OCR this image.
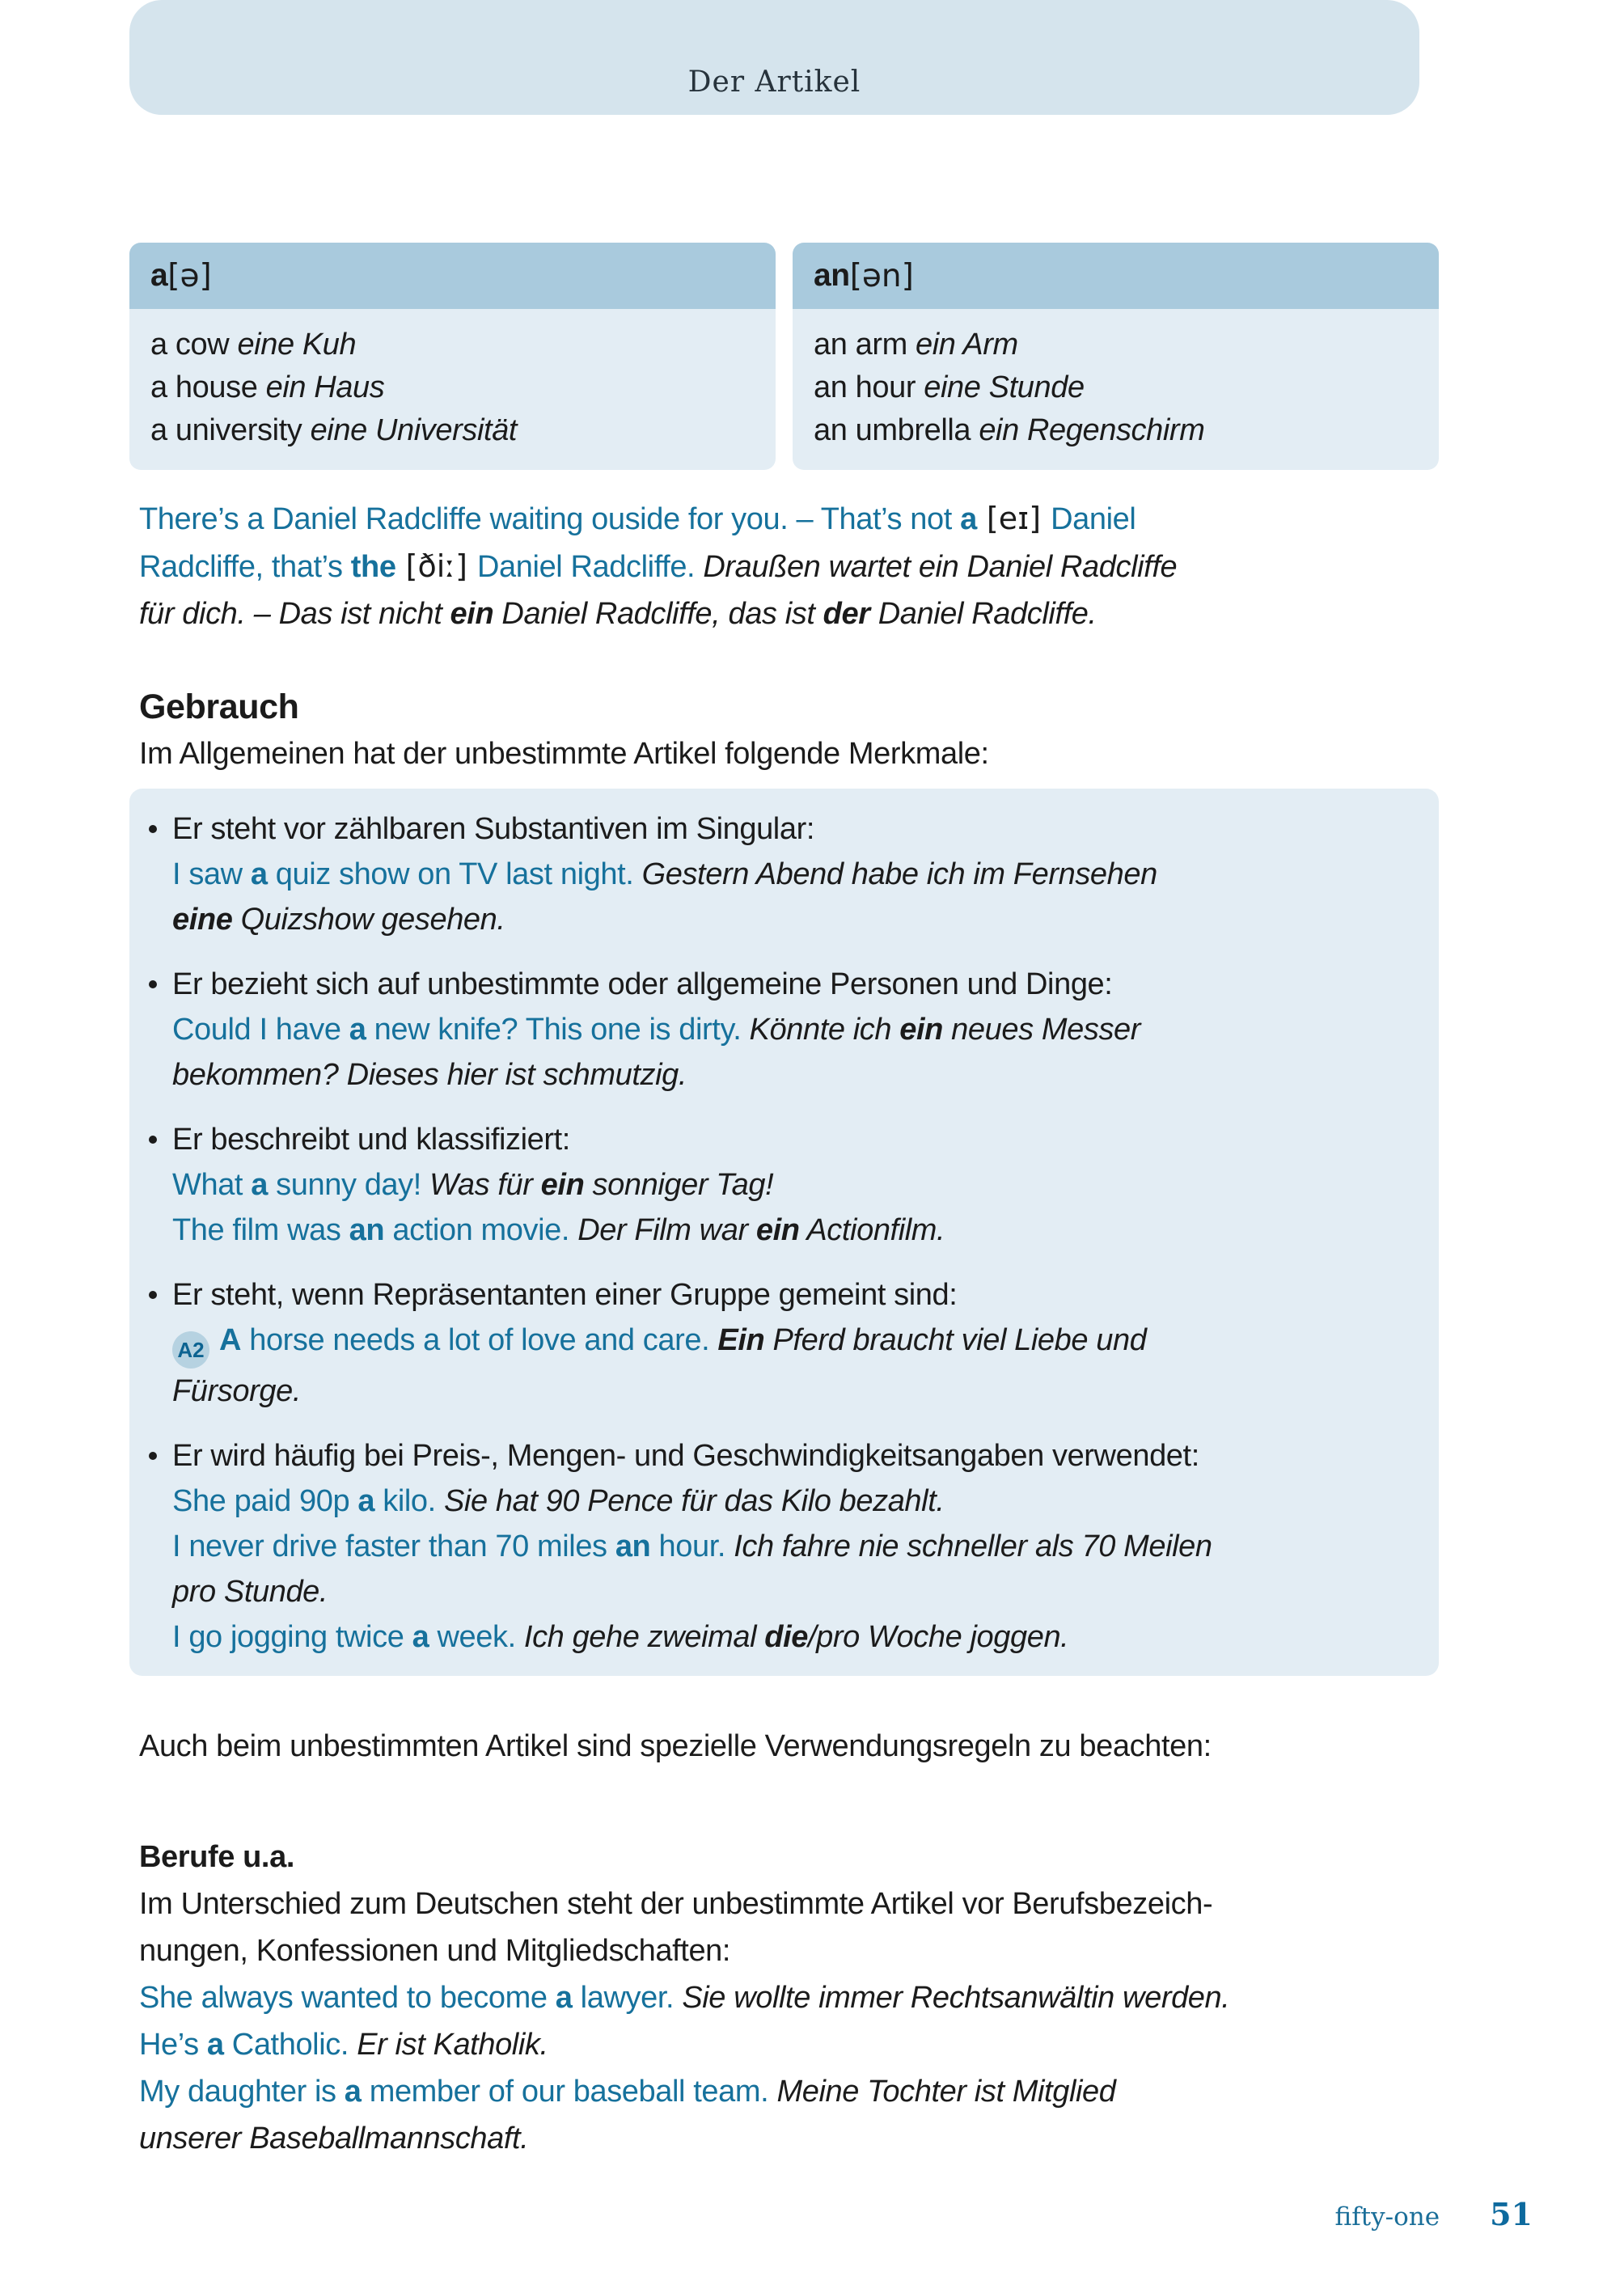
Der Artikel
a [ə]
a cow eine Kuh
a house ein Haus
a university eine Universität
an [ən]
an arm ein Arm
an hour eine Stunde
an umbrella ein Regenschirm
There’s a Daniel Radcliffe waiting ouside for you. – That’s not a [eɪ] Daniel
Radcliffe, that’s the [ðiː] Daniel Radcliffe. Draußen wartet ein Daniel Radcliffe
für dich. – Das ist nicht ein Daniel Radcliffe, das ist der Daniel Radcliffe.
Gebrauch

Im Allgemeinen hat der unbestimmte Artikel folgende Merkmale:

Er steht vor zählbaren Substantiven im Singular:
I saw a quiz show on TV last night. Gestern Abend habe ich im Fernsehen
eine Quizshow gesehen.
Er bezieht sich auf unbestimmte oder allgemeine Personen und Dinge:
Could I have a new knife? This one is dirty. Könnte ich ein neues Messer
bekommen? Dieses hier ist schmutzig.
Er beschreibt und klassifiziert:
What a sunny day! Was für ein sonniger Tag!
The film was an action movie. Der Film war ein Actionfilm.
Er steht, wenn Repräsentanten einer Gruppe gemeint sind:
A2 A horse needs a lot of love and care. Ein Pferd braucht viel Liebe und
Fürsorge.
Er wird häufig bei Preis-, Mengen- und Geschwindigkeitsangaben verwendet:
She paid 90p a kilo. Sie hat 90 Pence für das Kilo bezahlt.
I never drive faster than 70 miles an hour. Ich fahre nie schneller als 70 Meilen
pro Stunde.
I go jogging twice a week. Ich gehe zweimal die/pro Woche joggen.
Auch beim unbestimmten Artikel sind spezielle Verwendungsregeln zu beachten:
Berufe u.a.
Im Unterschied zum Deutschen steht der unbestimmte Artikel vor Berufsbezeich-
nungen, Konfessionen und Mitgliedschaften:
She always wanted to become a lawyer. Sie wollte immer Rechtsanwältin werden.
He’s a Catholic. Er ist Katholik.
My daughter is a member of our baseball team. Meine Tochter ist Mitglied
unserer Baseballmannschaft.
fifty-one 51
